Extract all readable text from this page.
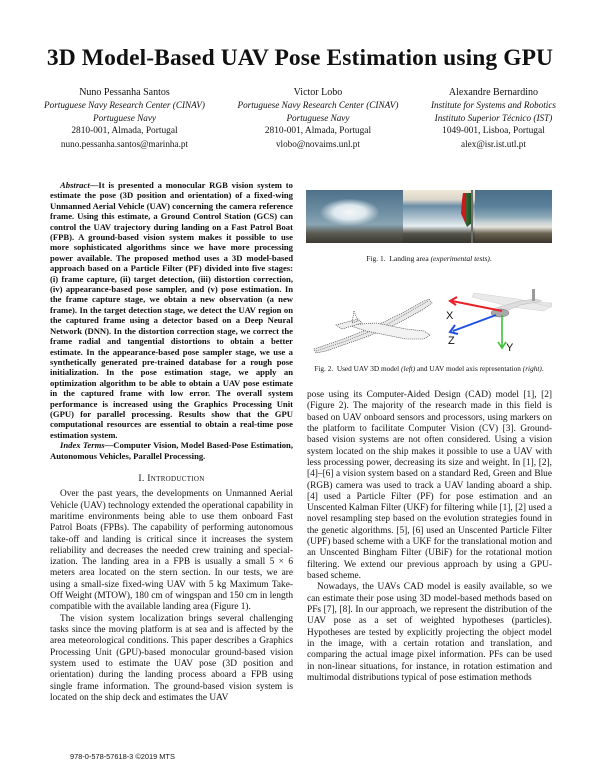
3D Model-Based UAV Pose Estimation using GPU
Nuno Pessanha Santos
Portuguese Navy Research Center (CINAV)
Portuguese Navy
2810-001, Almada, Portugal
nuno.pessanha.santos@marinha.pt
Victor Lobo
Portuguese Navy Research Center (CINAV)
Portuguese Navy
2810-001, Almada, Portugal
vlobo@novaims.unl.pt
Alexandre Bernardino
Institute for Systems and Robotics
Instituto Superior Técnico (IST)
1049-001, Lisboa, Portugal
alex@isr.ist.utl.pt

Abstract—It is presented a monocular RGB vision system to estimate the pose (3D position and orientation) of a fixed-wing Unmanned Aerial Vehicle (UAV) concerning the camera reference frame. Using this estimate, a Ground Control Station (GCS) can control the UAV trajectory during landing on a Fast Patrol Boat (FPB). A ground-based vision system makes it possible to use more sophisticated algorithms since we have more processing power available. The proposed method uses a 3D model-based approach based on a Particle Filter (PF) divided into five stages: (i) frame capture, (ii) target detection, (iii) distortion correction, (iv) appearance-based pose sampler, and (v) pose estimation. In the frame capture stage, we obtain a new observation (a new frame). In the target detection stage, we detect the UAV region on the captured frame using a detector based on a Deep Neural Network (DNN). In the distortion correction stage, we correct the frame radial and tangential distortions to obtain a better estimate. In the appearance-based pose sampler stage, we use a synthetically generated pre-trained database for a rough pose initialization. In the pose estimation stage, we apply an optimization algorithm to be able to obtain a UAV pose estimate in the captured frame with low error. The overall system performance is increased using the Graphics Processing Unit (GPU) for parallel processing. Results show that the GPU computational resources are essential to obtain a real-time pose estimation system.

Index Terms—Computer Vision, Model Based-Pose Estimation, Autonomous Vehicles, Parallel Processing.

I. Introduction

Over the past years, the developments on Unmanned Aerial Vehicle (UAV) technology extended the operational capability in maritime environments being able to use them onboard Fast Patrol Boats (FPBs). The capability of performing autonomous take-off and landing is critical since it increases the system reliability and decreases the needed crew training and specialization. The landing area in a FPB is usually a small 5 × 6 meters area located on the stern section. In our tests, we are using a small-size fixed-wing UAV with 5 kg Maximum Take-Off Weight (MTOW), 180 cm of wingspan and 150 cm in length compatible with the available landing area (Figure 1).

The vision system localization brings several challenging tasks since the moving platform is at sea and is affected by the area meteorological conditions. This paper describes a Graphics Processing Unit (GPU)-based monocular ground-based vision system used to estimate the UAV pose (3D position and orientation) during the landing process aboard a FPB using single frame information. The ground-based vision system is located on the ship deck and estimates the UAV

Fig. 1. Landing area (experimental tests).
X
Z
Y
Fig. 2. Used UAV 3D model (left) and UAV model axis representation (right).

pose using its Computer-Aided Design (CAD) model [1], [2] (Figure 2). The majority of the research made in this field is based on UAV onboard sensors and processors, using markers on the platform to facilitate Computer Vision (CV) [3]. Ground-based vision systems are not often considered. Using a vision system located on the ship makes it possible to use a UAV with less processing power, decreasing its size and weight. In [1], [2], [4]–[6] a vision system based on a standard Red, Green and Blue (RGB) camera was used to track a UAV landing aboard a ship. [4] used a Particle Filter (PF) for pose estimation and an Unscented Kalman Filter (UKF) for filtering while [1], [2] used a novel resampling step based on the evolution strategies found in the genetic algorithms. [5], [6] used an Unscented Particle Filter (UPF) based scheme with a UKF for the translational motion and an Unscented Bingham Filter (UBiF) for the rotational motion filtering. We extend our previous approach by using a GPU-based scheme.

Nowadays, the UAVs CAD model is easily available, so we can estimate their pose using 3D model-based methods based on PFs [7], [8]. In our approach, we represent the distribution of the UAV pose as a set of weighted hypotheses (particles). Hypotheses are tested by explicitly projecting the object model in the image, with a certain rotation and translation, and comparing the actual image pixel information. PFs can be used in non-linear situations, for instance, in rotation estimation and multimodal distributions typical of pose estimation methods

978-0-578-57618-3 ©2019 MTS
